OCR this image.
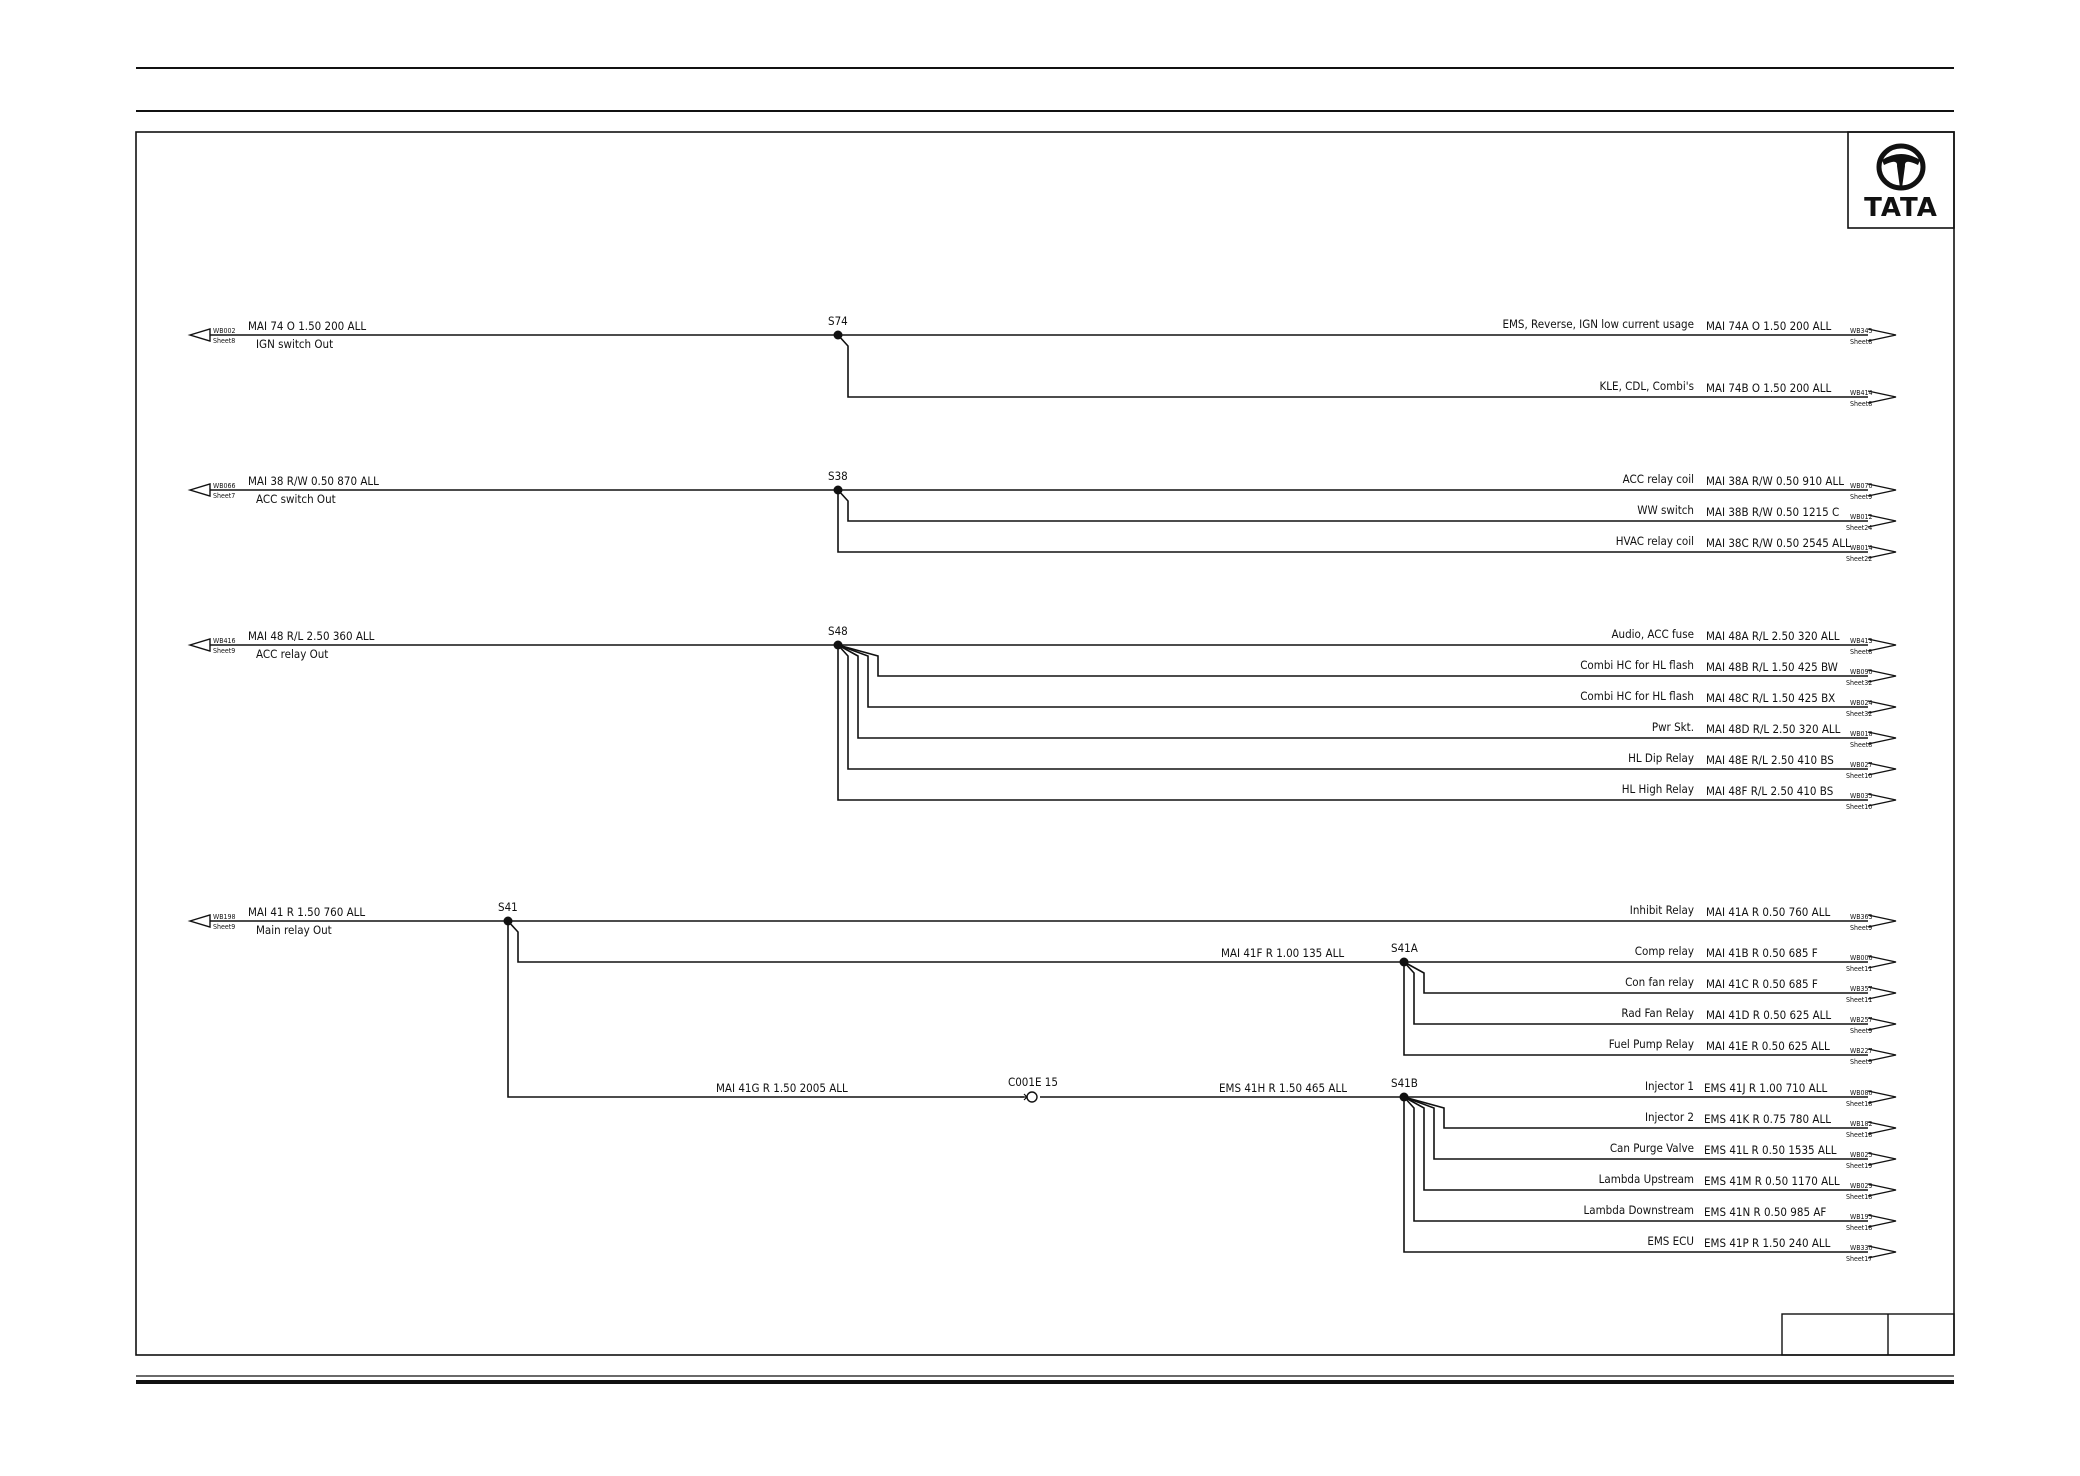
TATA
WB002
Sheet8
MAI 74 O 1.50 200 ALL
IGN switch Out
S74	EMS, Reverse, IGN low current usage MAI 74A O 1.50 200 ALL	WB345
Sheet8
KLE, CDL, Combi's MAI 74B O 1.50 200 ALL	WB414
Sheet8
WB066
Sheet7
MAI 38 R/W 0.50 870 ALL
ACC switch Out
S38	ACC relay coil MAI 38A R/W 0.50 910 ALL WB070
Sheet9
WW switch MAI 38B R/W 0.50 1215 C WB012
Sheet24
HVAC relay coil MAI 38C R/W 0.50 2545 ALL WB014
Sheet22
WB416
Sheet9
MAI 48 R/L 2.50 360 ALL
ACC relay Out
S48	Audio, ACC fuse MAI 48A R/L 2.50 320 ALL WB413
Sheet8
Combi HC for HL flash MAI 48B R/L 1.50 425 BW WB090
Sheet32
Combi HC for HL flash MAI 48C R/L 1.50 425 BX WB024
Sheet32
Pwr Skt. MAI 48D R/L 2.50 320 ALL WB018
Sheet8
HL Dip Relay MAI 48E R/L 2.50 410 BS WB027
Sheet10
HL High Relay MAI 48F R/L 2.50 410 BS WB035
Sheet10
WB198
Sheet9
MAI 41 R 1.50 760 ALL
Main relay Out
S41	Inhibit Relay MAI 41A R 0.50 760 ALL	WB363
Sheet9
MAI 41F R 1.00 135 ALL
MAI 41G R 1.50 2005 ALL	EMS 41H R 1.50 465 ALL
C001E 15
S41A	Comp relay MAI 41B R 0.50 685 F	WB006
Sheet11
Con fan relay MAI 41C R 0.50 685 F	WB357
Sheet11
Rad Fan Relay MAI 41D R 0.50 625 ALL	WB257
Sheet9
Fuel Pump Relay MAI 41E R 0.50 625 ALL	WB227
Sheet9
S41B	Injector 1 EMS 41J R 1.00 710 ALL	WB080
Sheet18
Injector 2 EMS 41K R 0.75 780 ALL	WB182
Sheet18
Can Purge Valve EMS 41L R 0.50 1535 ALL WB025
Sheet19
Lambda Upstream EMS 41M R 0.50 1170 ALL WB029
Sheet18
Lambda Downstream EMS 41N R 0.50 985 AF	WB195
Sheet18
EMS ECU EMS 41P R 1.50 240 ALL	WB330
Sheet17
